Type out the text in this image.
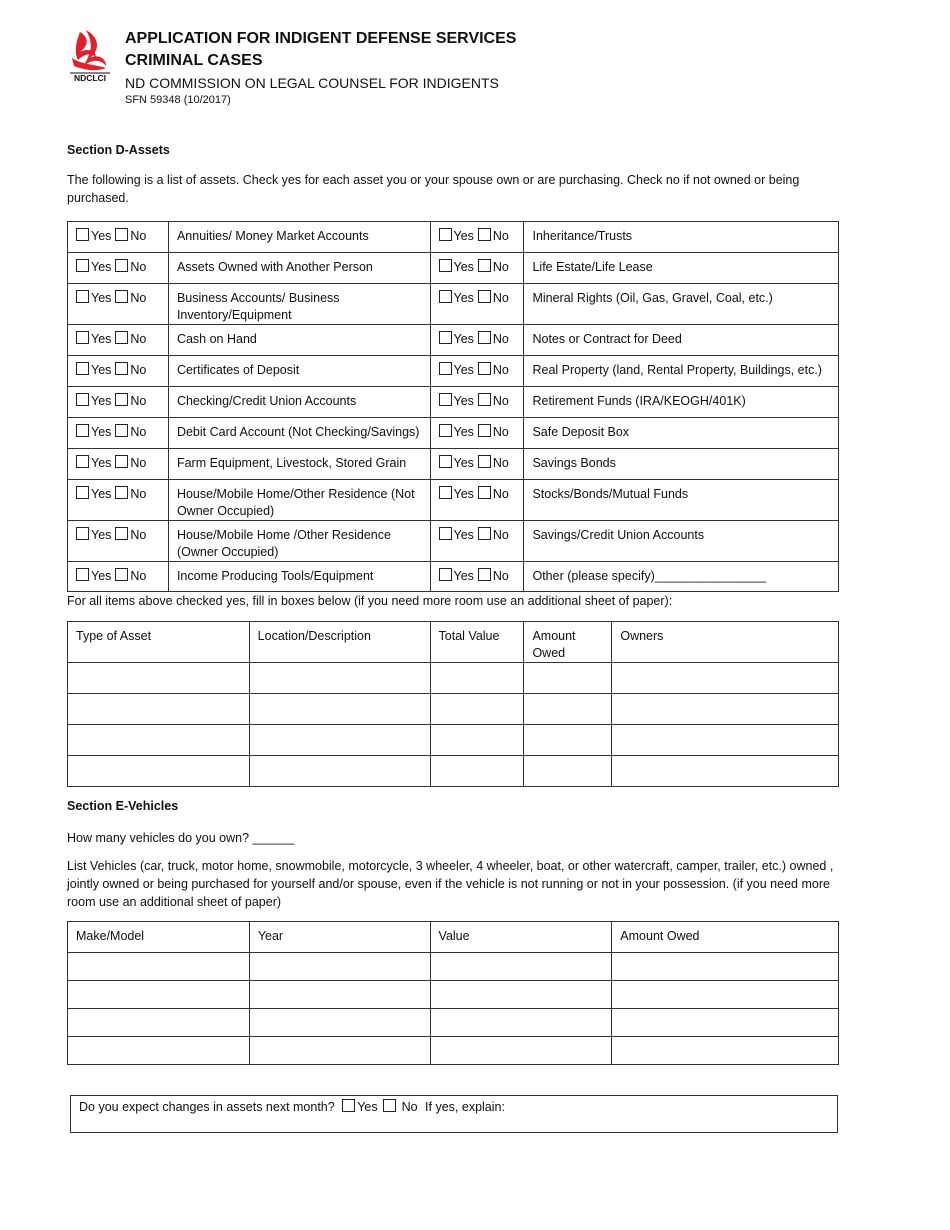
NDCLCI
APPLICATION FOR INDIGENT DEFENSE SERVICES
CRIMINAL CASES
ND COMMISSION ON LEGAL COUNSEL FOR INDIGENTS
SFN 59348 (10/2017)
Section D-Assets
The following is a list of assets. Check yes for each asset you or your spouse own or are purchasing. Check no if not owned or being purchased.
Yes No	Annuities/ Money Market Accounts	Yes No	Inheritance/Trusts
Yes No	Assets Owned with Another Person	Yes No	Life Estate/Life Lease
Yes No	Business Accounts/ Business Inventory/Equipment	Yes No	Mineral Rights (Oil, Gas, Gravel, Coal, etc.)
Yes No	Cash on Hand	Yes No	Notes or Contract for Deed
Yes No	Certificates of Deposit	Yes No	Real Property (land, Rental Property, Buildings, etc.)
Yes No	Checking/Credit Union Accounts	Yes No	Retirement Funds (IRA/KEOGH/401K)
Yes No	Debit Card Account (Not Checking/Savings)	Yes No	Safe Deposit Box
Yes No	Farm Equipment, Livestock, Stored Grain	Yes No	Savings Bonds
Yes No	House/Mobile Home/Other Residence (Not Owner Occupied)	Yes No	Stocks/Bonds/Mutual Funds
Yes No	House/Mobile Home /Other Residence (Owner Occupied)	Yes No	Savings/Credit Union Accounts
Yes No	Income Producing Tools/Equipment	Yes No	Other (please specify)________________
For all items above checked yes, fill in boxes below (if you need more room use an additional sheet of paper):
Type of Asset	Location/Description	Total Value	Amount Owed	Owners

Section E-Vehicles
How many vehicles do you own? ______
List Vehicles (car, truck, motor home, snowmobile, motorcycle, 3 wheeler, 4 wheeler, boat, or other watercraft, camper, trailer, etc.) owned , jointly owned or being purchased for yourself and/or spouse, even if the vehicle is not running or not in your possession. (if you need more room use an additional sheet of paper)
Make/Model	Year	Value	Amount Owed

Do you expect changes in assets next month? Yes No If yes, explain:
